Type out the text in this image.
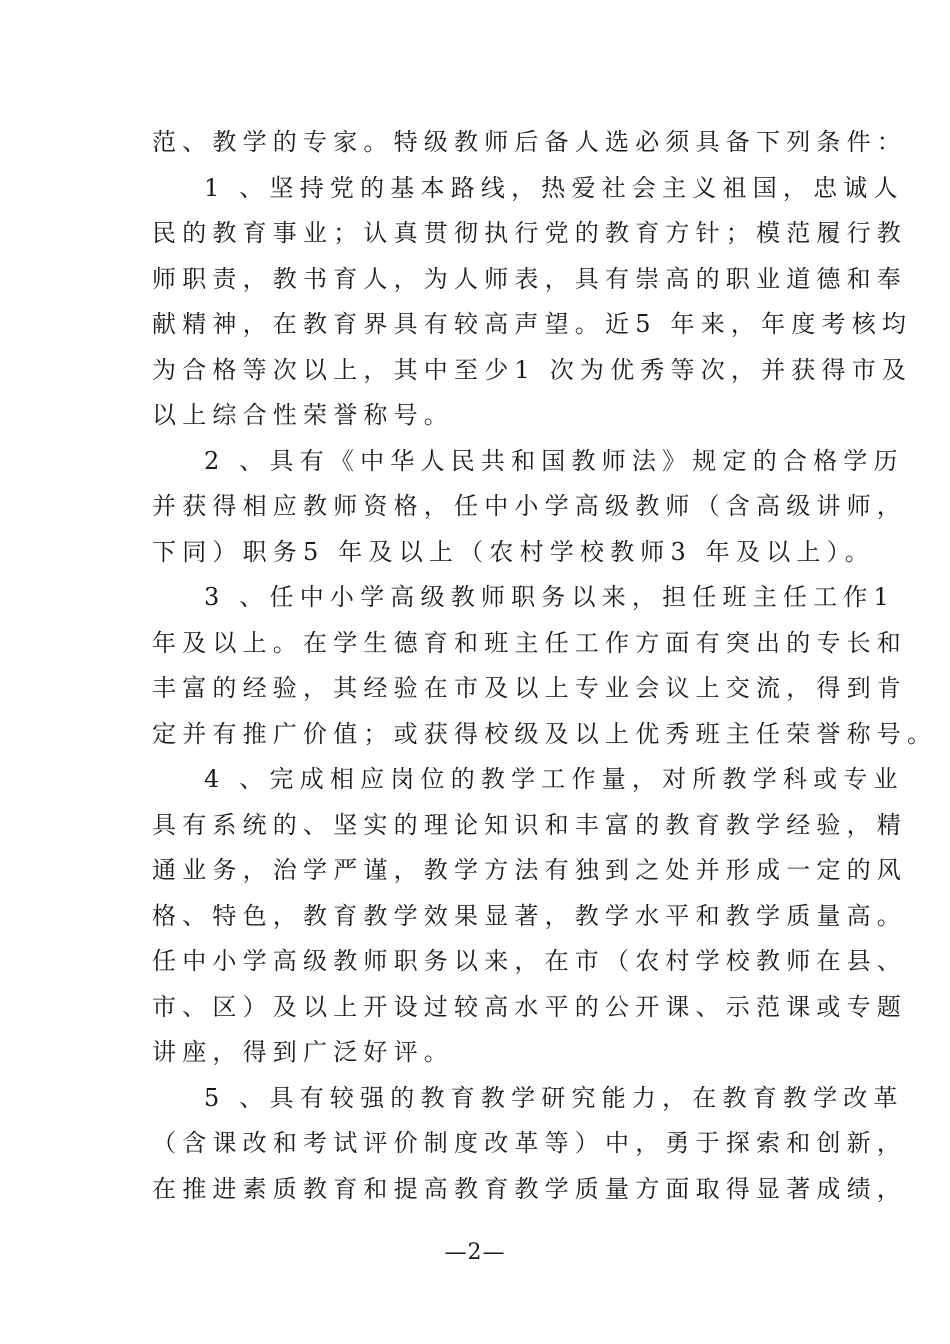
范、教学的专家。特级教师后备人选必须具备下列条件：
1 、坚持党的基本路线，热爱社会主义祖国，忠诚人
民的教育事业；认真贯彻执行党的教育方针；模范履行教
师职责，教书育人，为人师表，具有崇高的职业道德和奉
献精神，在教育界具有较高声望。近5 年来，年度考核均
为合格等次以上，其中至少1 次为优秀等次，并获得市及
以上综合性荣誉称号。
2 、具有《中华人民共和国教师法》规定的合格学历
并获得相应教师资格，任中小学高级教师（含高级讲师，
下同）职务5 年及以上（农村学校教师3 年及以上）。
3 、任中小学高级教师职务以来，担任班主任工作1
年及以上。在学生德育和班主任工作方面有突出的专长和
丰富的经验，其经验在市及以上专业会议上交流，得到肯
定并有推广价值；或获得校级及以上优秀班主任荣誉称号。
4 、完成相应岗位的教学工作量，对所教学科或专业
具有系统的、坚实的理论知识和丰富的教育教学经验，精
通业务，治学严谨，教学方法有独到之处并形成一定的风
格、特色，教育教学效果显著，教学水平和教学质量高。
任中小学高级教师职务以来，在市（农村学校教师在县、
市、区）及以上开设过较高水平的公开课、示范课或专题
讲座，得到广泛好评。
5 、具有较强的教育教学研究能力，在教育教学改革
（含课改和考试评价制度改革等）中，勇于探索和创新，
在推进素质教育和提高教育教学质量方面取得显著成绩，
—2—
